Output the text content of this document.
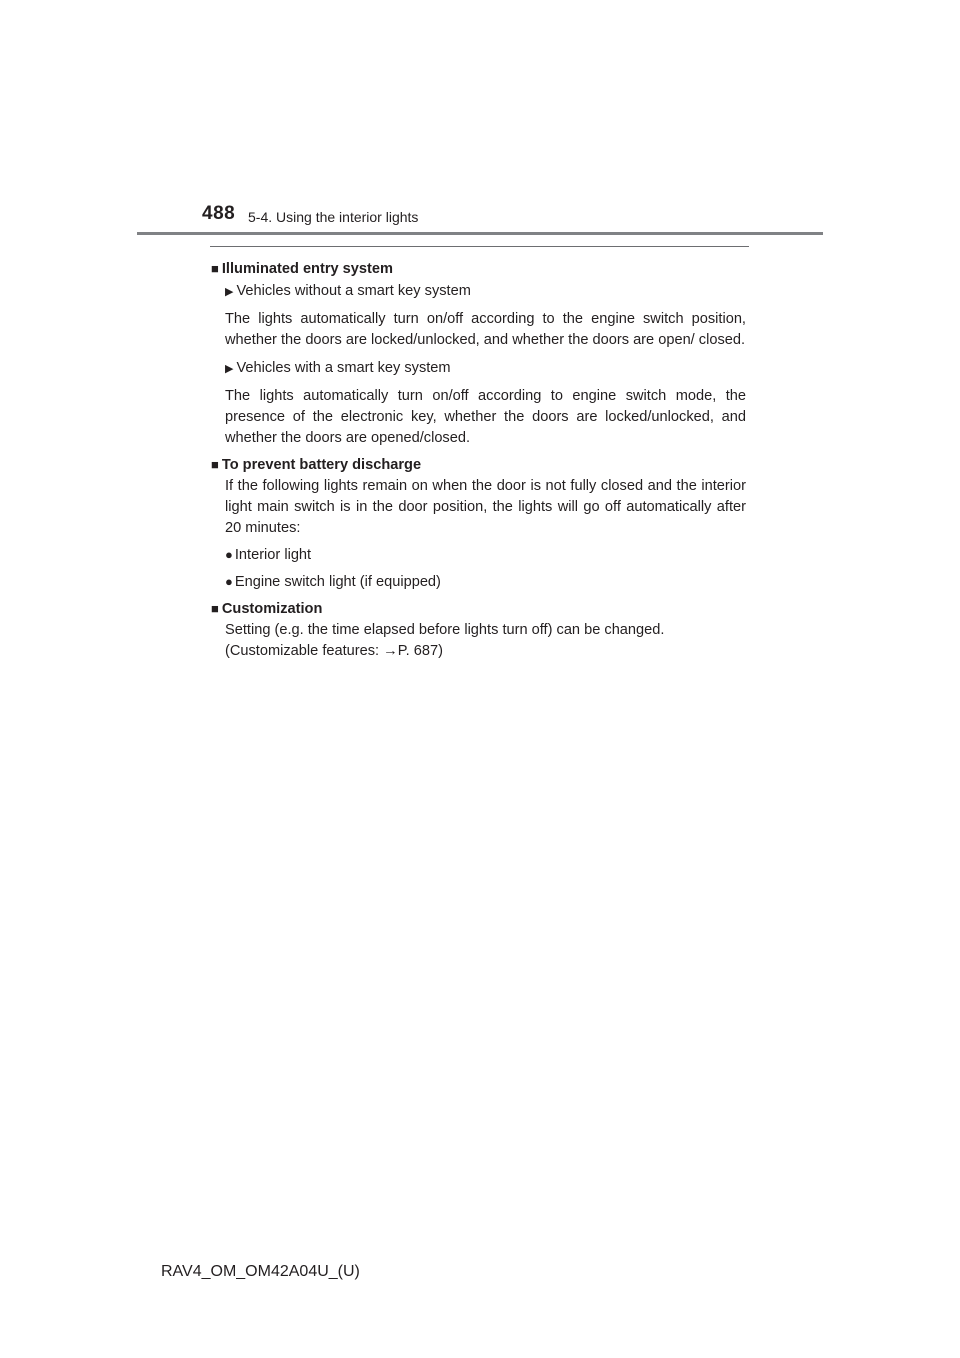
488 5-4. Using the interior lights

■ Illuminated entry system

▶ Vehicles without a smart key system

The lights automatically turn on/off according to the engine switch position, whether the doors are locked/unlocked, and whether the doors are open/ closed.

▶ Vehicles with a smart key system

The lights automatically turn on/off according to engine switch mode, the presence of the electronic key, whether the doors are locked/unlocked, and whether the doors are opened/closed.

■ To prevent battery discharge

If the following lights remain on when the door is not fully closed and the interior light main switch is in the door position, the lights will go off automatically after 20 minutes:

● Interior light

● Engine switch light (if equipped)

■ Customization

Setting (e.g. the time elapsed before lights turn off) can be changed.

(Customizable features: →P. 687)

RAV4_OM_OM42A04U_(U)
